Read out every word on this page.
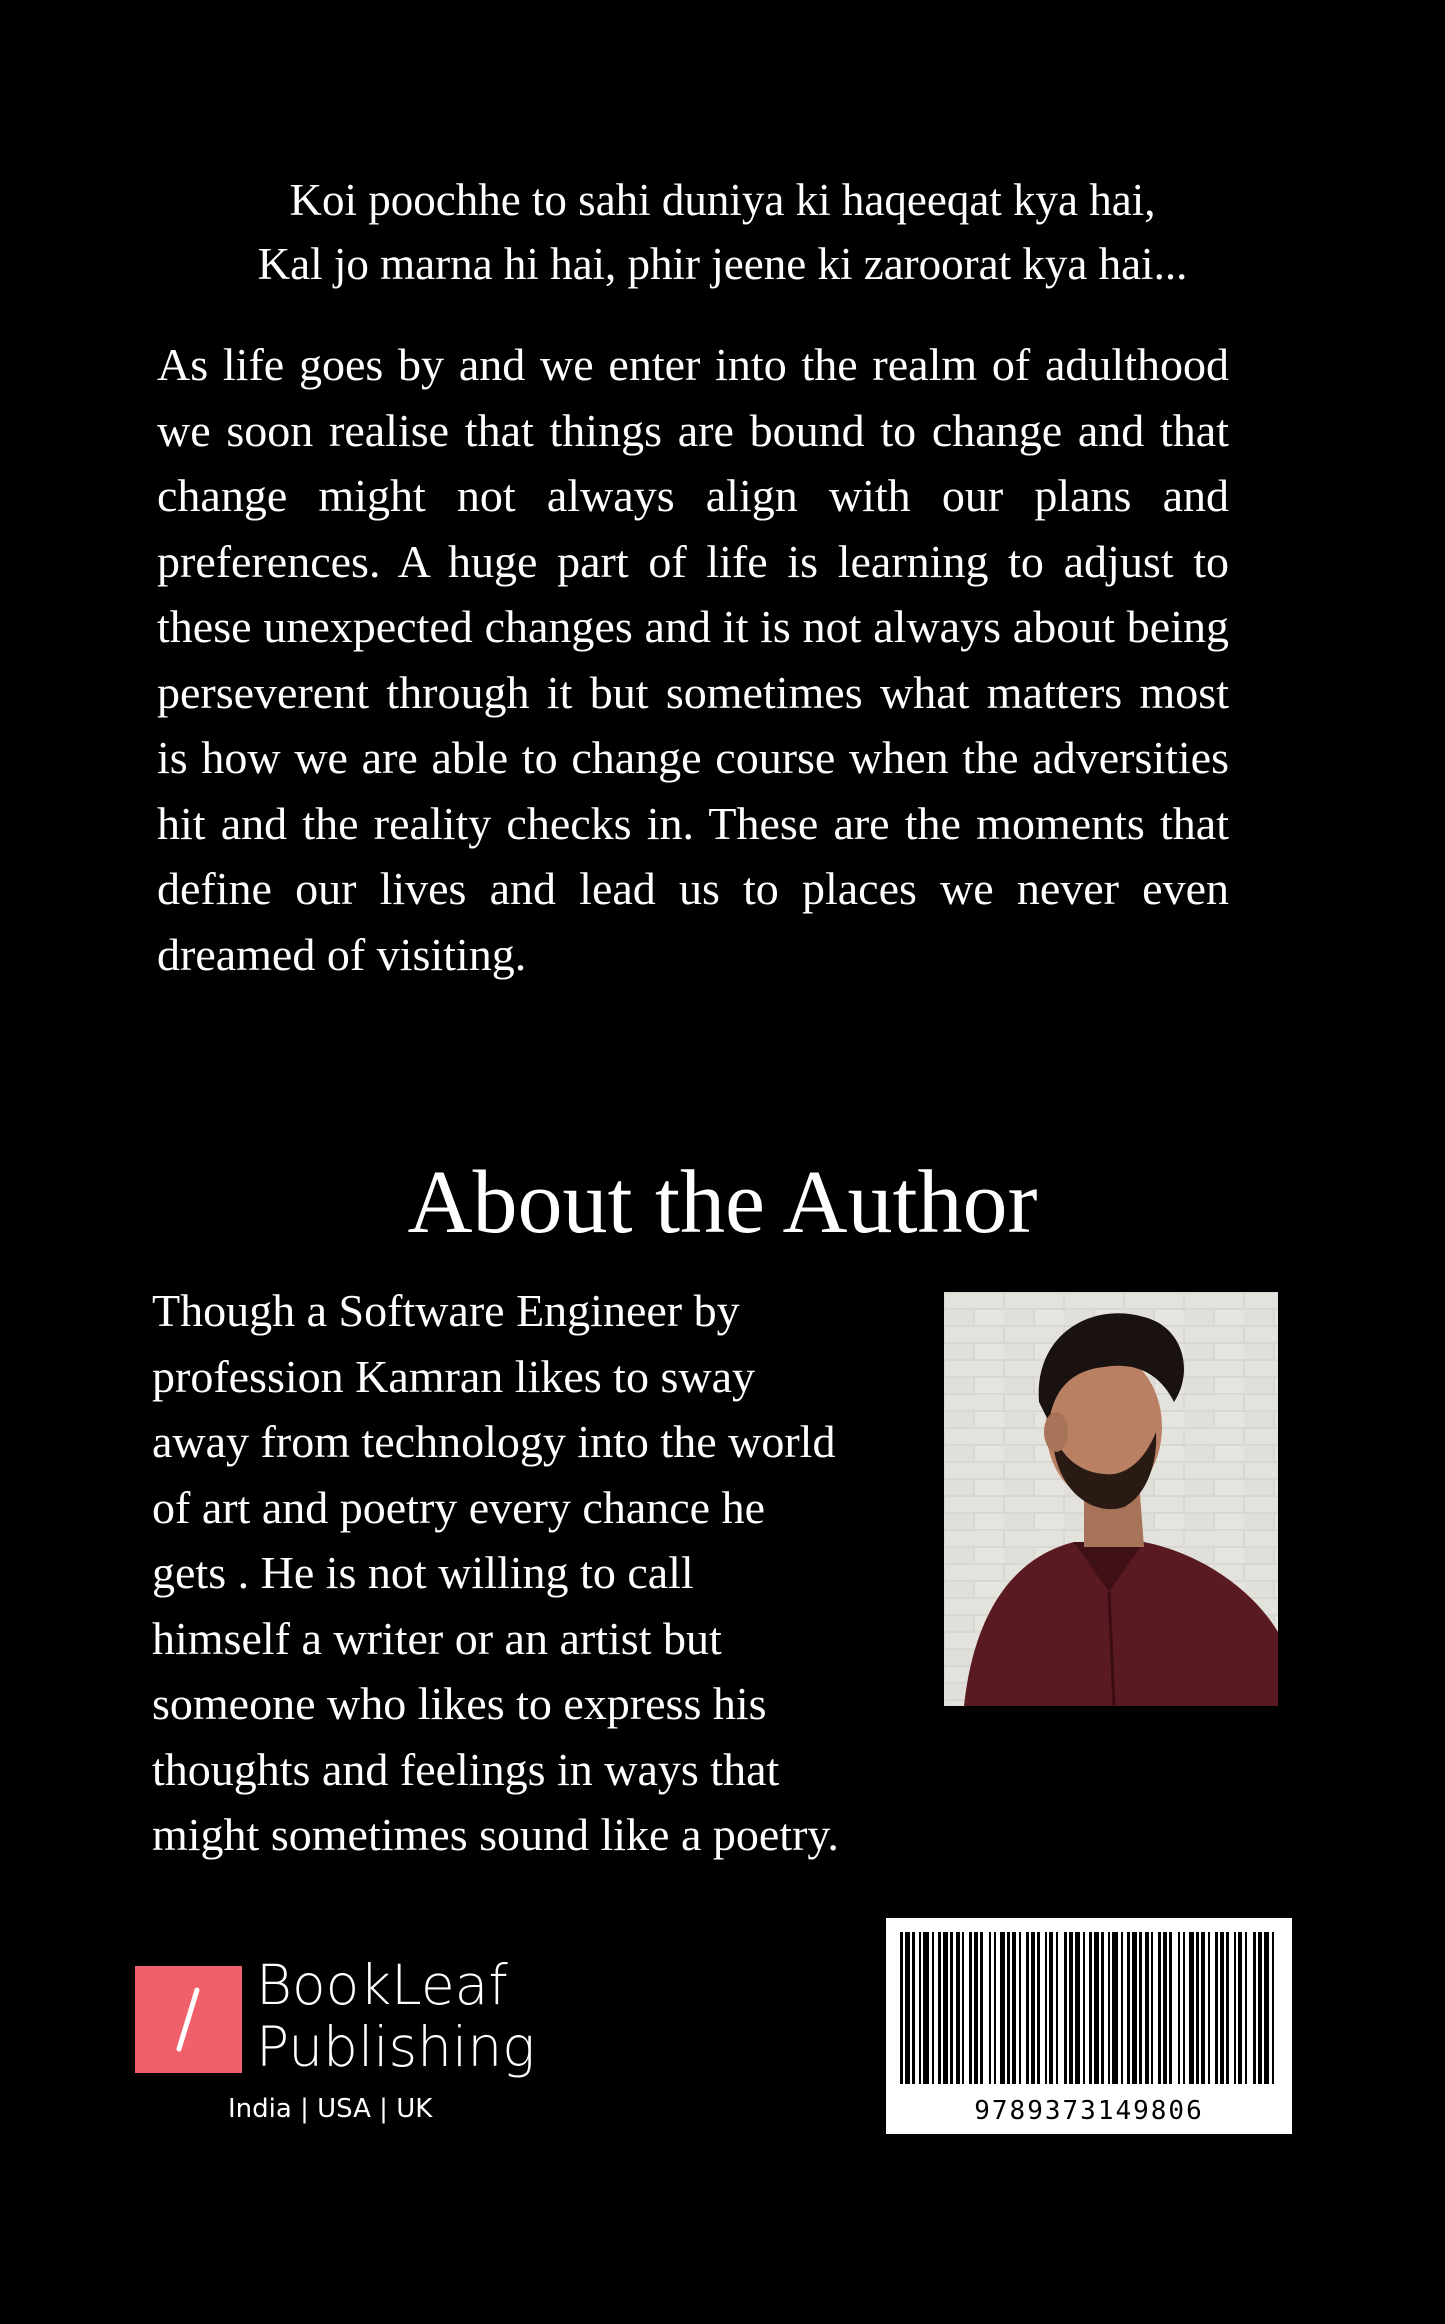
Koi poochhe to sahi duniya ki haqeeqat kya hai,
Kal jo marna hi hai, phir jeene ki zaroorat kya hai...

As life goes by and we enter into the realm of adulthood we soon realise that things are bound to change and that change might not always align with our plans and preferences. A huge part of life is learning to adjust to these unexpected changes and it is not always about being perseverent through it but sometimes what matters most is how we are able to change course when the adversities hit and the reality checks in. These are the moments that define our lives and lead us to places we never even dreamed of visiting.

About the Author
Though a Software Engineer by
profession Kamran likes to sway
away from technology into the world
of art and poetry every chance he
gets . He is not willing to call
himself a writer or an artist but
someone who likes to express his
thoughts and feelings in ways that
might sometimes sound like a poetry.
BookLeaf
Publishing
India | USA | UK	9789373149806
